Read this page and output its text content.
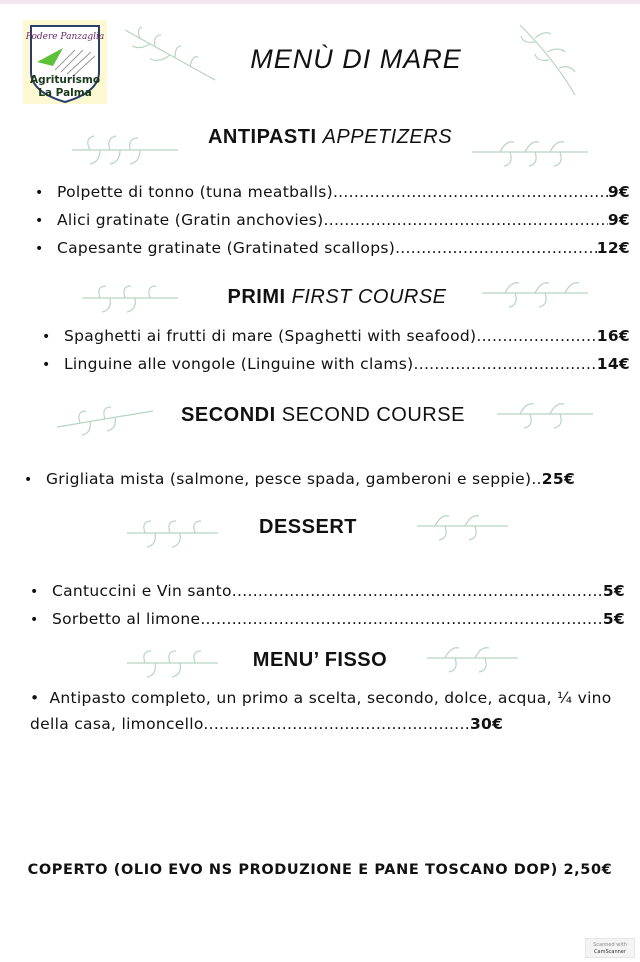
Podere Panzaglia
Agriturismo
La Palma
MENÙ DI MARE
ANTIPASTI APPETIZERS
• Polpette di tonno (tuna meatballs) .....	9€
• Alici gratinate (Gratin anchovies) .....	9€
• Capesante gratinate (Gratinated scallops) .....	12€
PRIMI FIRST COURSE
• Spaghetti ai frutti di mare (Spaghetti with seafood) .....	16€
• Linguine alle vongole (Linguine with clams) .....	14€
SECONDI SECOND COURSE
• Grigliata mista (salmone, pesce spada, gamberoni e seppie).. 25€
DESSERT
• Cantuccini e Vin santo .....	5€
• Sorbetto al limone .....	5€
MENU’ FISSO
• Antipasto completo, un primo a scelta, secondo, dolce, acqua, ¼ vino della casa, limoncello...................................................30€
COPERTO (OLIO EVO NS PRODUZIONE E PANE TOSCANO DOP) 2,50€
Scanned with
CamScanner
